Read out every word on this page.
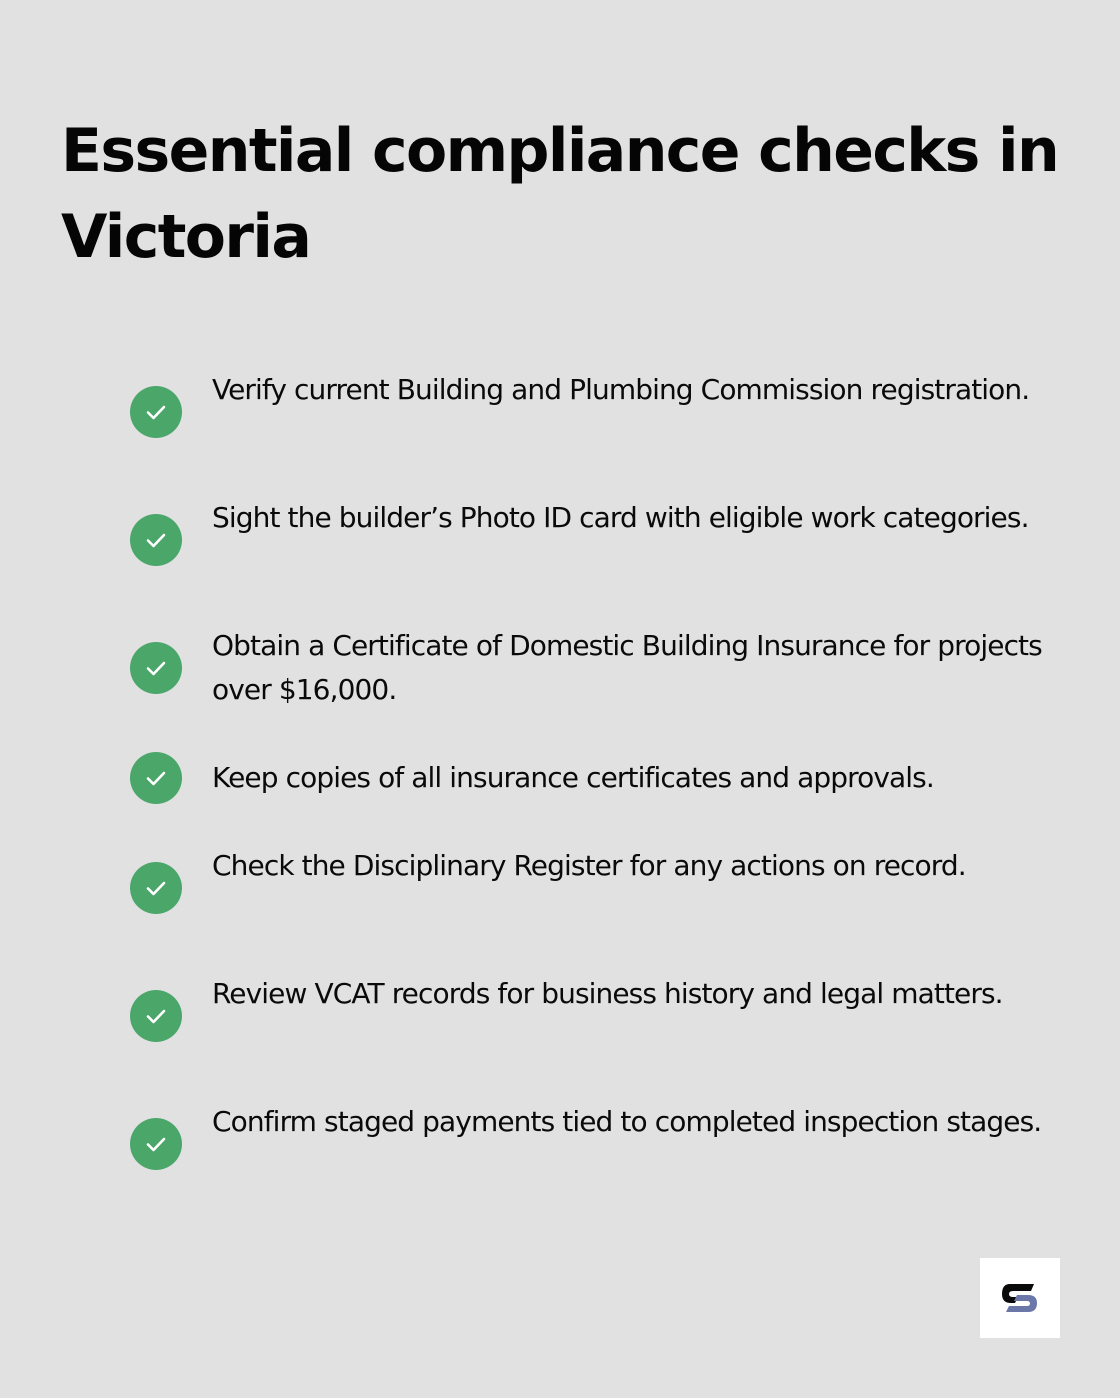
Essential compliance checks in Victoria
Verify current Building and Plumbing Commission registration.
Sight the builder’s Photo ID card with eligible work categories.
Obtain a Certificate of Domestic Building Insurance for projects over $16,000.
Keep copies of all insurance certificates and approvals.
Check the Disciplinary Register for any actions on record.
Review VCAT records for business history and legal matters.
Confirm staged payments tied to completed inspection stages.
